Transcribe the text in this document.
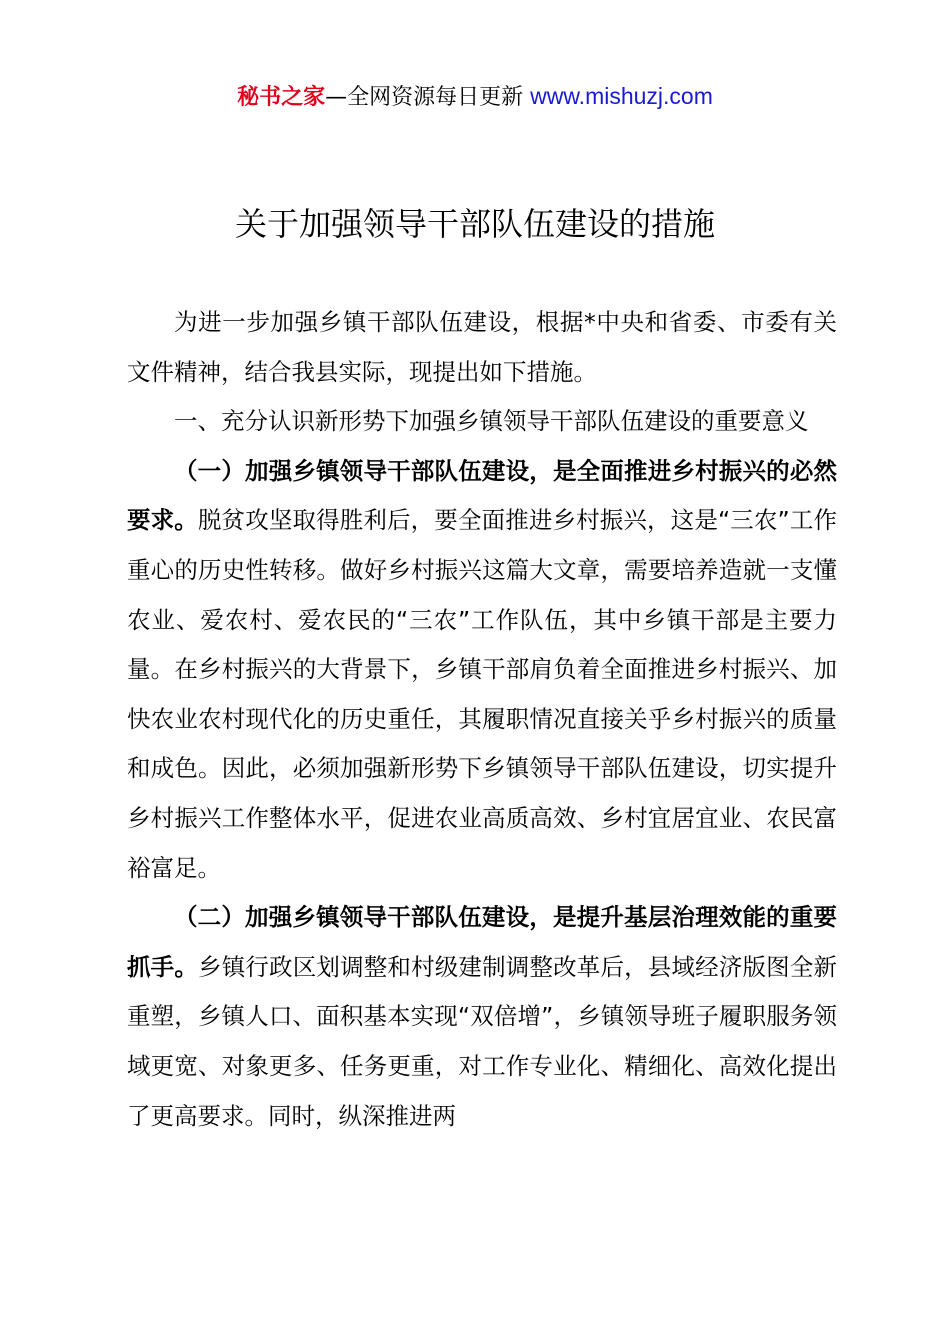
秘书之家—全网资源每日更新 www.mishuzj.com
关于加强领导干部队伍建设的措施

为进一步加强乡镇干部队伍建设，根据*中央和省委、市委有关文件精神，结合我县实际，现提出如下措施。

一、充分认识新形势下加强乡镇领导干部队伍建设的重要意义

（一）加强乡镇领导干部队伍建设，是全面推进乡村振兴的必然要求。脱贫攻坚取得胜利后，要全面推进乡村振兴，这是“三农”工作重心的历史性转移。做好乡村振兴这篇大文章，需要培养造就一支懂农业、爱农村、爱农民的“三农”工作队伍，其中乡镇干部是主要力量。在乡村振兴的大背景下，乡镇干部肩负着全面推进乡村振兴、加快农业农村现代化的历史重任，其履职情况直接关乎乡村振兴的质量和成色。因此，必须加强新形势下乡镇领导干部队伍建设，切实提升乡村振兴工作整体水平，促进农业高质高效、乡村宜居宜业、农民富裕富足。

（二）加强乡镇领导干部队伍建设，是提升基层治理效能的重要抓手。乡镇行政区划调整和村级建制调整改革后，县域经济版图全新重塑，乡镇人口、面积基本实现“双倍增”，乡镇领导班子履职服务领域更宽、对象更多、任务更重，对工作专业化、精细化、高效化提出了更高要求。同时，纵深推进两
